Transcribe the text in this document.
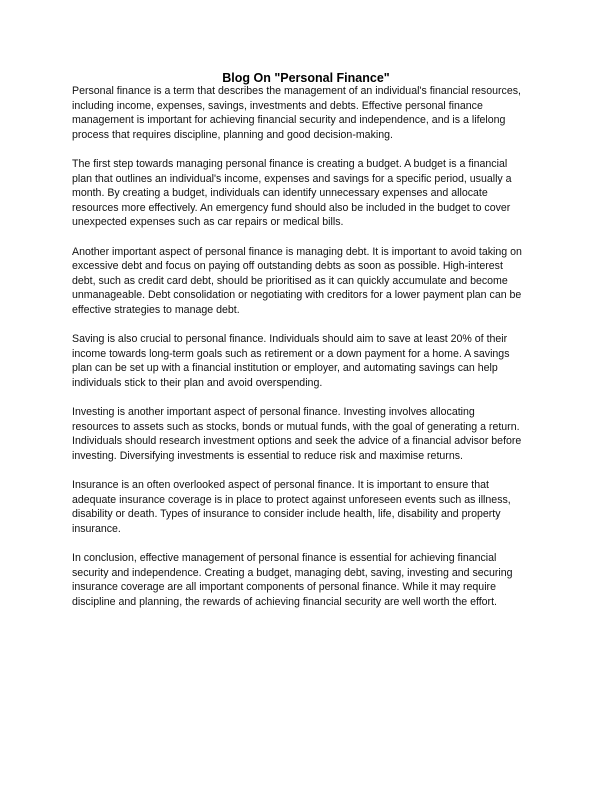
Blog On "Personal Finance"

Personal finance is a term that describes the management of an individual's financial resources,
including income, expenses, savings, investments and debts. Effective personal finance
management is important for achieving financial security and independence, and is a lifelong
process that requires discipline, planning and good decision-making.

The first step towards managing personal finance is creating a budget. A budget is a financial
plan that outlines an individual's income, expenses and savings for a specific period, usually a
month. By creating a budget, individuals can identify unnecessary expenses and allocate
resources more effectively. An emergency fund should also be included in the budget to cover
unexpected expenses such as car repairs or medical bills.

Another important aspect of personal finance is managing debt. It is important to avoid taking on
excessive debt and focus on paying off outstanding debts as soon as possible. High-interest
debt, such as credit card debt, should be prioritised as it can quickly accumulate and become
unmanageable. Debt consolidation or negotiating with creditors for a lower payment plan can be
effective strategies to manage debt.

Saving is also crucial to personal finance. Individuals should aim to save at least 20% of their
income towards long-term goals such as retirement or a down payment for a home. A savings
plan can be set up with a financial institution or employer, and automating savings can help
individuals stick to their plan and avoid overspending.

Investing is another important aspect of personal finance. Investing involves allocating
resources to assets such as stocks, bonds or mutual funds, with the goal of generating a return.
Individuals should research investment options and seek the advice of a financial advisor before
investing. Diversifying investments is essential to reduce risk and maximise returns.

Insurance is an often overlooked aspect of personal finance. It is important to ensure that
adequate insurance coverage is in place to protect against unforeseen events such as illness,
disability or death. Types of insurance to consider include health, life, disability and property
insurance.

In conclusion, effective management of personal finance is essential for achieving financial
security and independence. Creating a budget, managing debt, saving, investing and securing
insurance coverage are all important components of personal finance. While it may require
discipline and planning, the rewards of achieving financial security are well worth the effort.
